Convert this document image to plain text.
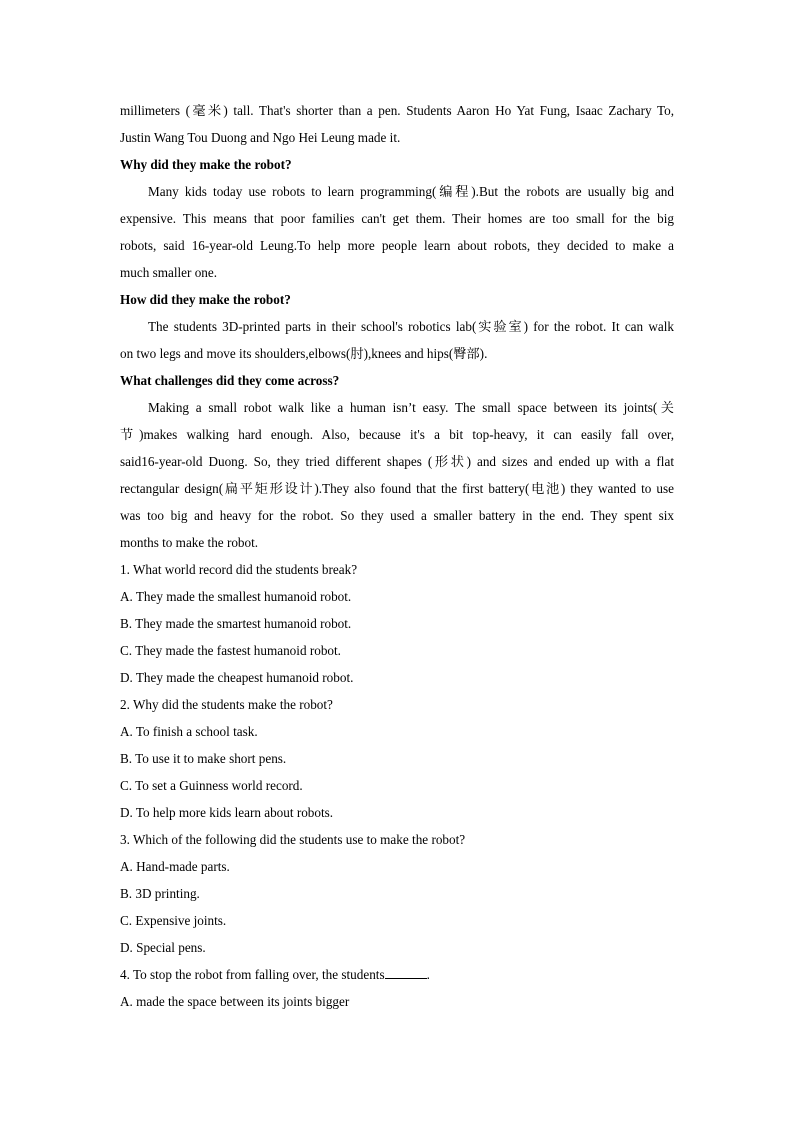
millimeters (毫米) tall. That's shorter than a pen. Students Aaron Ho Yat Fung, Isaac Zachary To,

Justin Wang Tou Duong and Ngo Hei Leung made it.

Why did they make the robot?

Many kids today use robots to learn programming(编程).But the robots are usually big and

expensive. This means that poor families can't get them. Their homes are too small for the big

robots, said 16-year-old Leung.To help more people learn about robots, they decided to make a

much smaller one.

How did they make the robot?

The students 3D-printed parts in their school's robotics lab(实验室) for the robot. It can walk

on two legs and move its shoulders,elbows(肘),knees and hips(臀部).

What challenges did they come across?

Making a small robot walk like a human isn’t easy. The small space between its joints(关

节)makes walking hard enough. Also, because it's a bit top-heavy, it can easily fall over,

said16-year-old Duong. So, they tried different shapes (形状) and sizes and ended up with a flat

rectangular design(扁平矩形设计).They also found that the first battery(电池) they wanted to use

was too big and heavy for the robot. So they used a smaller battery in the end. They spent six

months to make the robot.

1. What world record did the students break?

A. They made the smallest humanoid robot.

B. They made the smartest humanoid robot.

C. They made the fastest humanoid robot.

D. They made the cheapest humanoid robot.

2. Why did the students make the robot?

A. To finish a school task.

B. To use it to make short pens.

C. To set a Guinness world record.

D. To help more kids learn about robots.

3. Which of the following did the students use to make the robot?

A. Hand-made parts.

B. 3D printing.

C. Expensive joints.

D. Special pens.

4. To stop the robot from falling over, the students	.

A. made the space between its joints bigger
